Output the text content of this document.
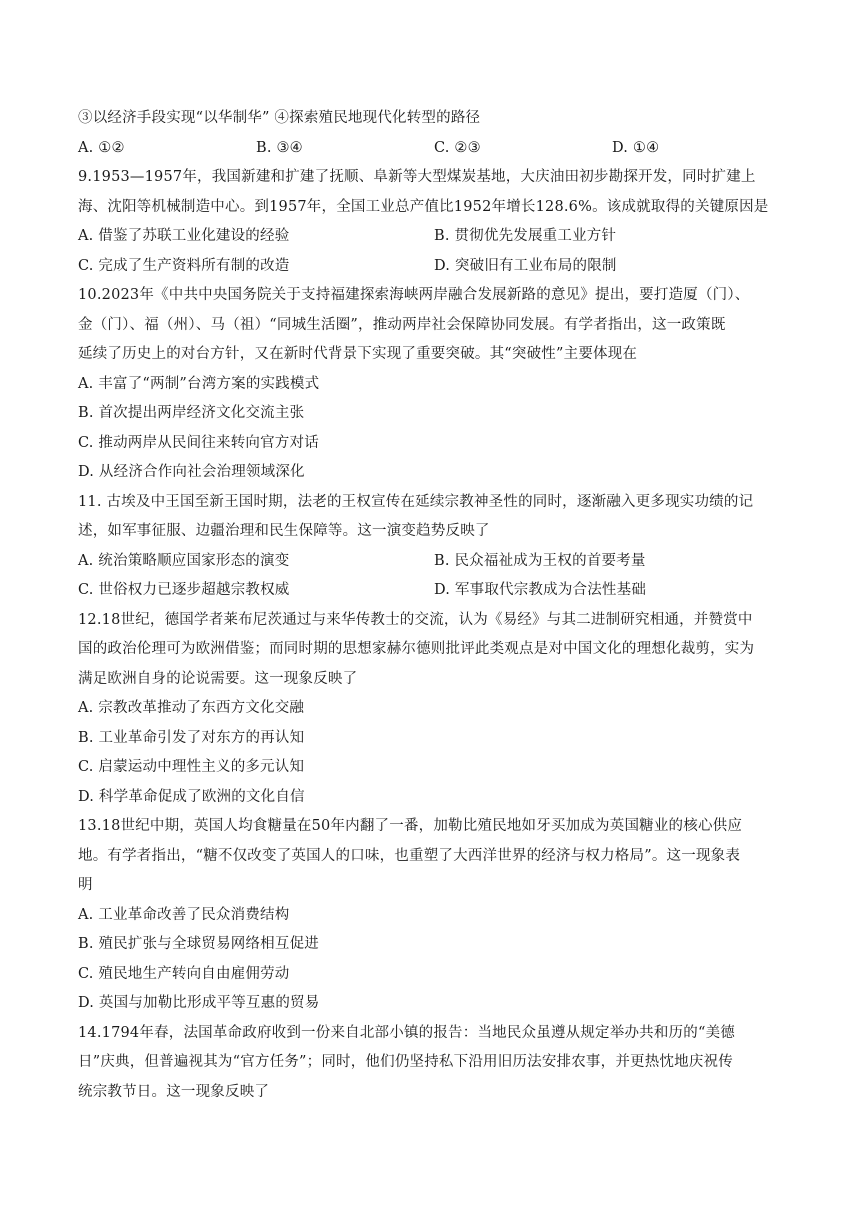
③以经济手段实现“以华制华” ④探索殖民地现代化转型的路径
A. ①②	B. ③④	C. ②③	D. ①④
9.1953—1957年，我国新建和扩建了抚顺、阜新等大型煤炭基地，大庆油田初步勘探开发，同时扩建上
海、沈阳等机械制造中心。到1957年，全国工业总产值比1952年增长128.6%。该成就取得的关键原因是
A. 借鉴了苏联工业化建设的经验	B. 贯彻优先发展重工业方针
C. 完成了生产资料所有制的改造	D. 突破旧有工业布局的限制
10.2023年《中共中央国务院关于支持福建探索海峡两岸融合发展新路的意见》提出，要打造厦（门）、
金（门）、福（州）、马（祖）“同城生活圈”，推动两岸社会保障协同发展。有学者指出，这一政策既
延续了历史上的对台方针，又在新时代背景下实现了重要突破。其“突破性”主要体现在
A. 丰富了“两制”台湾方案的实践模式
B. 首次提出两岸经济文化交流主张
C. 推动两岸从民间往来转向官方对话
D. 从经济合作向社会治理领域深化
11. 古埃及中王国至新王国时期，法老的王权宣传在延续宗教神圣性的同时，逐渐融入更多现实功绩的记
述，如军事征服、边疆治理和民生保障等。这一演变趋势反映了
A. 统治策略顺应国家形态的演变	B. 民众福祉成为王权的首要考量
C. 世俗权力已逐步超越宗教权威	D. 军事取代宗教成为合法性基础
12.18世纪，德国学者莱布尼茨通过与来华传教士的交流，认为《易经》与其二进制研究相通，并赞赏中
国的政治伦理可为欧洲借鉴；而同时期的思想家赫尔德则批评此类观点是对中国文化的理想化裁剪，实为
满足欧洲自身的论说需要。这一现象反映了
A. 宗教改革推动了东西方文化交融
B. 工业革命引发了对东方的再认知
C. 启蒙运动中理性主义的多元认知
D. 科学革命促成了欧洲的文化自信
13.18世纪中期，英国人均食糖量在50年内翻了一番，加勒比殖民地如牙买加成为英国糖业的核心供应
地。有学者指出，“糖不仅改变了英国人的口味，也重塑了大西洋世界的经济与权力格局”。这一现象表
明
A. 工业革命改善了民众消费结构
B. 殖民扩张与全球贸易网络相互促进
C. 殖民地生产转向自由雇佣劳动
D. 英国与加勒比形成平等互惠的贸易
14.1794年春，法国革命政府收到一份来自北部小镇的报告：当地民众虽遵从规定举办共和历的“美德
日”庆典，但普遍视其为“官方任务”；同时，他们仍坚持私下沿用旧历法安排农事，并更热忱地庆祝传
统宗教节日。这一现象反映了
